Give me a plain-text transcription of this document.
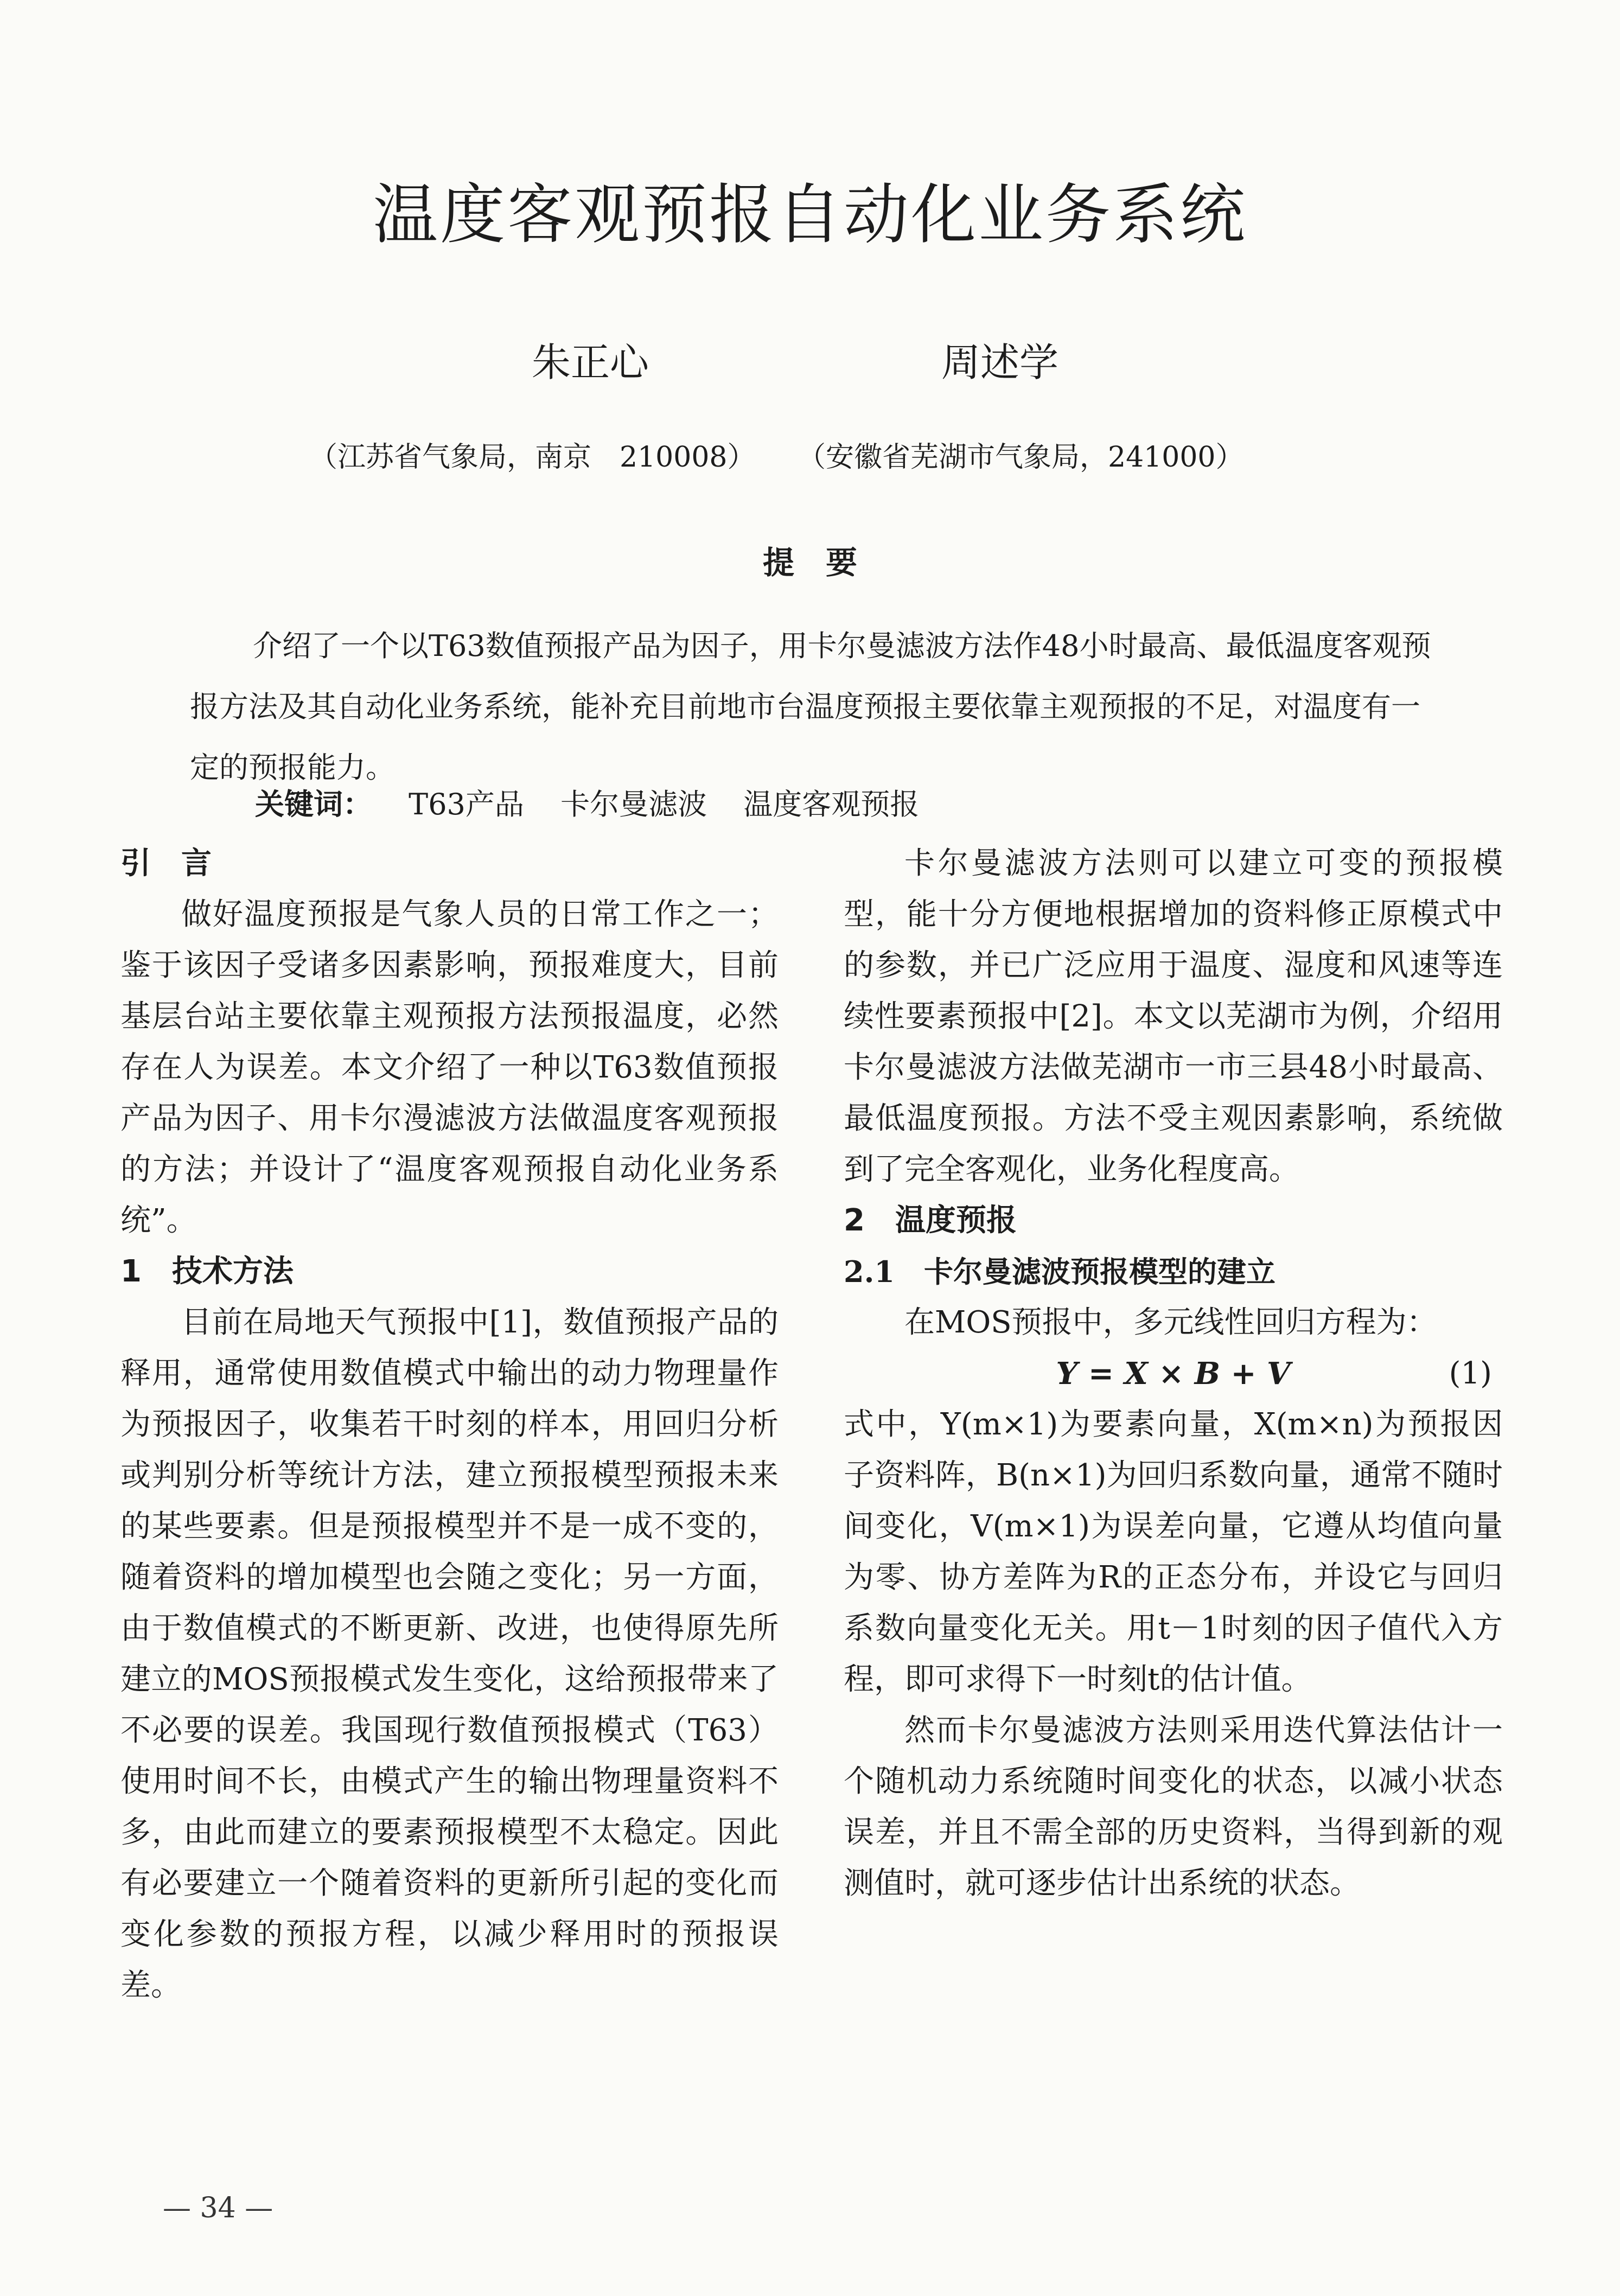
温度客观预报自动化业务系统
朱正心	周述学
（江苏省气象局，南京　210008） （安徽省芜湖市气象局，241000）
提　要

介绍了一个以T63数值预报产品为因子，用卡尔曼滤波方法作48小时最高、最低温度客观预报方法及其自动化业务系统，能补充目前地市台温度预报主要依靠主观预报的不足，对温度有一定的预报能力。

关键词： T63产品 卡尔曼滤波 温度客观预报
引　言

做好温度预报是气象人员的日常工作之一；鉴于该因子受诸多因素影响，预报难度大，目前基层台站主要依靠主观预报方法预报温度，必然存在人为误差。本文介绍了一种以T63数值预报产品为因子、用卡尔漫滤波方法做温度客观预报的方法；并设计了“温度客观预报自动化业务系统”。

1　技术方法

目前在局地天气预报中[1]，数值预报产品的释用，通常使用数值模式中输出的动力物理量作为预报因子，收集若干时刻的样本，用回归分析或判别分析等统计方法，建立预报模型预报未来的某些要素。但是预报模型并不是一成不变的，随着资料的增加模型也会随之变化；另一方面，由于数值模式的不断更新、改进，也使得原先所建立的MOS预报模式发生变化，这给预报带来了不必要的误差。我国现行数值预报模式（T63）使用时间不长，由模式产生的输出物理量资料不多，由此而建立的要素预报模型不太稳定。因此有必要建立一个随着资料的更新所引起的变化而变化参数的预报方程，以减少释用时的预报误差。

卡尔曼滤波方法则可以建立可变的预报模型，能十分方便地根据增加的资料修正原模式中的参数，并已广泛应用于温度、湿度和风速等连续性要素预报中[2]。本文以芜湖市为例，介绍用卡尔曼滤波方法做芜湖市一市三县48小时最高、最低温度预报。方法不受主观因素影响，系统做到了完全客观化，业务化程度高。

2　温度预报
2.1　卡尔曼滤波预报模型的建立

在MOS预报中，多元线性回归方程为：

Y = X × B + V	(1)

式中，Y(m×1)为要素向量，X(m×n)为预报因子资料阵，B(n×1)为回归系数向量，通常不随时间变化，V(m×1)为误差向量，它遵从均值向量为零、协方差阵为R的正态分布，并设它与回归系数向量变化无关。用t－1时刻的因子值代入方程，即可求得下一时刻t的估计值。

然而卡尔曼滤波方法则采用迭代算法估计一个随机动力系统随时间变化的状态，以减小状态误差，并且不需全部的历史资料，当得到新的观测值时，就可逐步估计出系统的状态。

— 34 —
